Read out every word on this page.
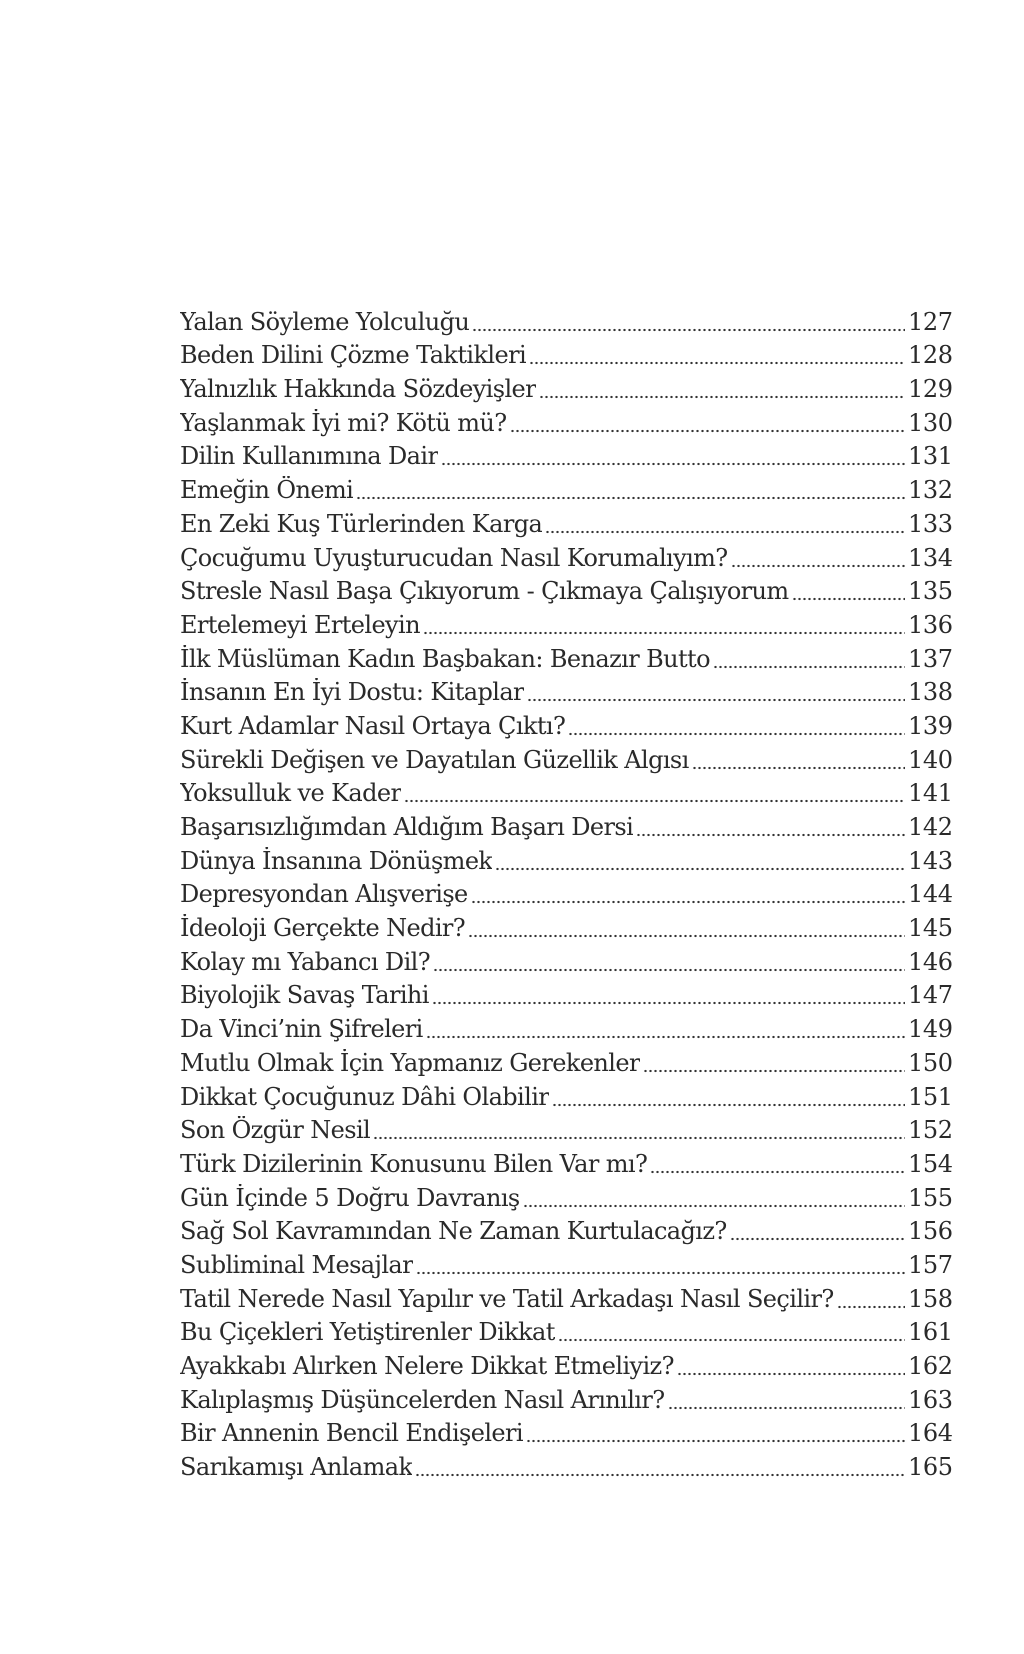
Yalan Söyleme Yolculuğu	127
Beden Dilini Çözme Taktikleri	128
Yalnızlık Hakkında Sözdeyişler	129
Yaşlanmak İyi mi? Kötü mü?	130
Dilin Kullanımına Dair	131
Emeğin Önemi	132
En Zeki Kuş Türlerinden Karga	133
Çocuğumu Uyuşturucudan Nasıl Korumalıyım?	134
Stresle Nasıl Başa Çıkıyorum - Çıkmaya Çalışıyorum	135
Ertelemeyi Erteleyin	136
İlk Müslüman Kadın Başbakan: Benazır Butto	137
İnsanın En İyi Dostu: Kitaplar	138
Kurt Adamlar Nasıl Ortaya Çıktı?	139
Sürekli Değişen ve Dayatılan Güzellik Algısı	140
Yoksulluk ve Kader	141
Başarısızlığımdan Aldığım Başarı Dersi	142
Dünya İnsanına Dönüşmek	143
Depresyondan Alışverişe	144
İdeoloji Gerçekte Nedir?	145
Kolay mı Yabancı Dil?	146
Biyolojik Savaş Tarihi	147
Da Vinci’nin Şifreleri	149
Mutlu Olmak İçin Yapmanız Gerekenler	150
Dikkat Çocuğunuz Dâhi Olabilir	151
Son Özgür Nesil	152
Türk Dizilerinin Konusunu Bilen Var mı?	154
Gün İçinde 5 Doğru Davranış	155
Sağ Sol Kavramından Ne Zaman Kurtulacağız?	156
Subliminal Mesajlar	157
Tatil Nerede Nasıl Yapılır ve Tatil Arkadaşı Nasıl Seçilir?	158
Bu Çiçekleri Yetiştirenler Dikkat	161
Ayakkabı Alırken Nelere Dikkat Etmeliyiz?	162
Kalıplaşmış Düşüncelerden Nasıl Arınılır?	163
Bir Annenin Bencil Endişeleri	164
Sarıkamışı Anlamak	165
